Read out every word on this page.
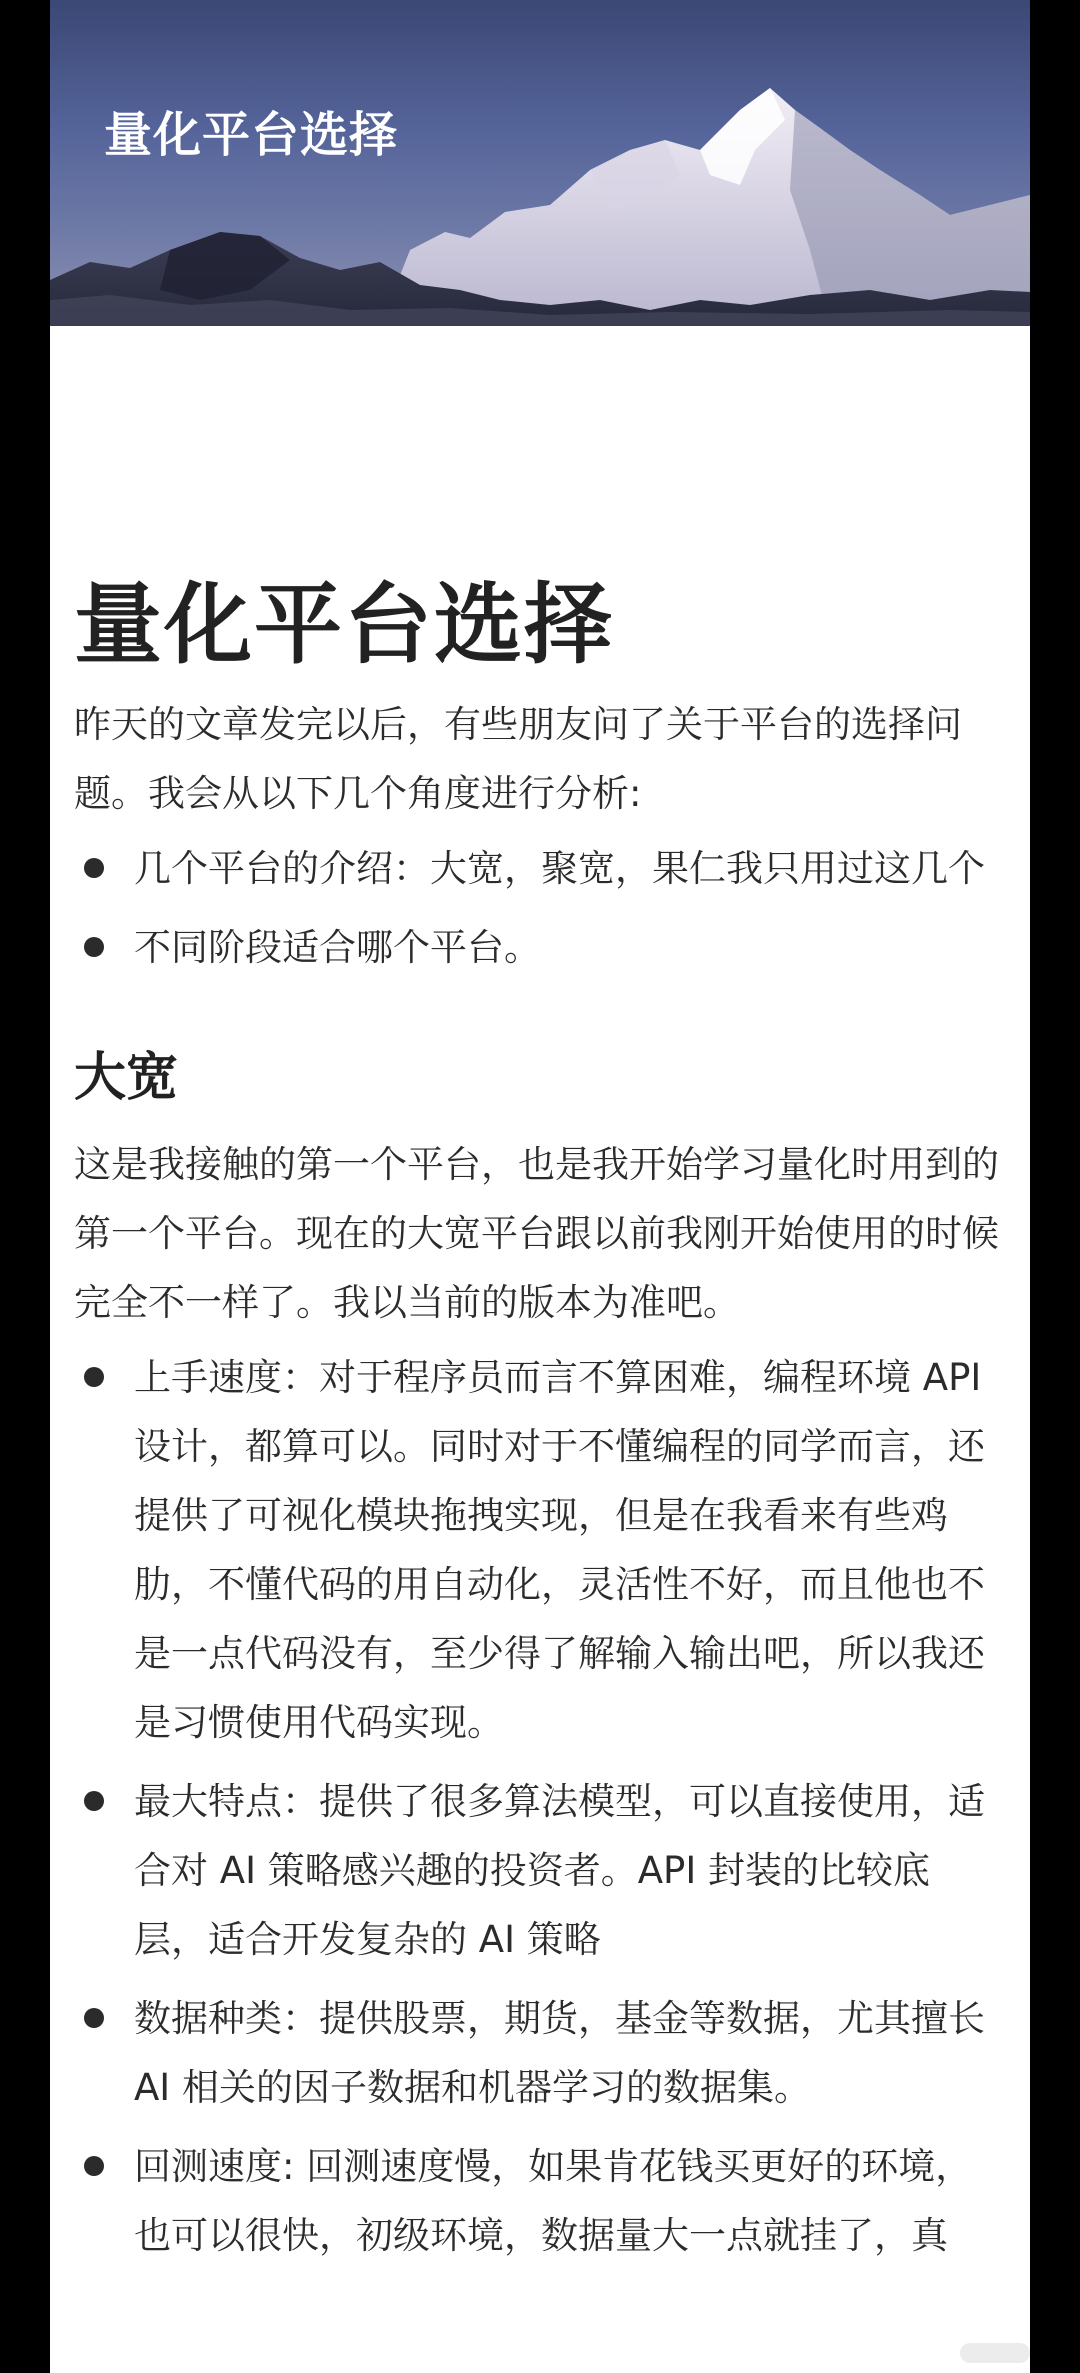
量化平台选择
量化平台选择

昨天的文章发完以后，有些朋友问了关于平台的选择问题。我会从以下几个角度进行分析:

几个平台的介绍：大宽，聚宽，果仁我只用过这几个
不同阶段适合哪个平台。
大宽

这是我接触的第一个平台，也是我开始学习量化时用到的第一个平台。现在的大宽平台跟以前我刚开始使用的时候完全不一样了。我以当前的版本为准吧。

上手速度：对于程序员而言不算困难，编程环境 API 设计，都算可以。同时对于不懂编程的同学而言，还提供了可视化模块拖拽实现，但是在我看来有些鸡肋，不懂代码的用自动化，灵活性不好，而且他也不是一点代码没有，至少得了解输入输出吧，所以我还是习惯使用代码实现。
最大特点：提供了很多算法模型，可以直接使用，适合对 AI 策略感兴趣的投资者。API 封装的比较底层，适合开发复杂的 AI 策略
数据种类：提供股票，期货，基金等数据，尤其擅长 AI 相关的因子数据和机器学习的数据集。
回测速度: 回测速度慢，如果肯花钱买更好的环境，也可以很快，初级环境，数据量大一点就挂了，真
